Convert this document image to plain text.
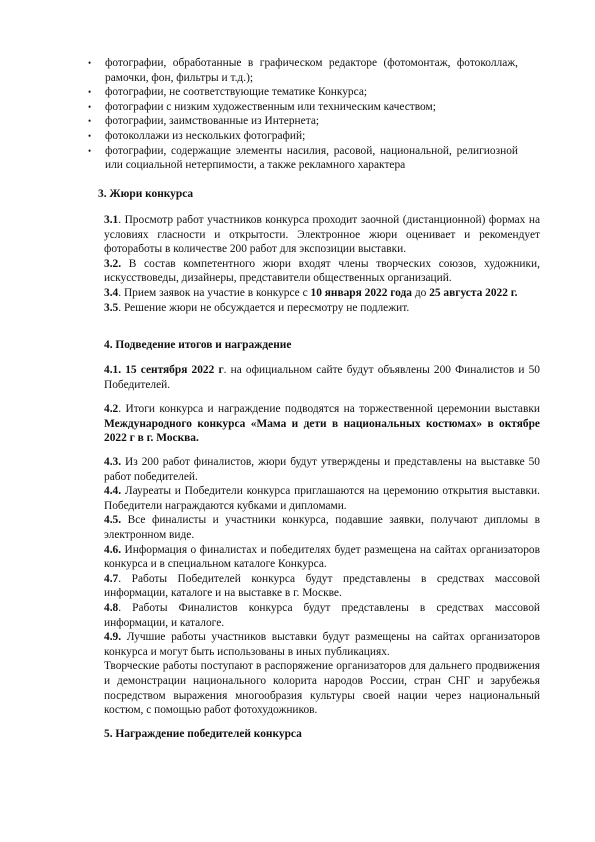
• фотографии, обработанные в графическом редакторе (фотомонтаж, фотоколлаж, рамочки, фон, фильтры и т.д.);
• фотографии, не соответствующие тематике Конкурса;
• фотографии с низким художественным или техническим качеством;
• фотографии, заимствованные из Интернета;
• фотоколлажи из нескольких фотографий;
• фотографии, содержащие элементы насилия, расовой, национальной, религиозной или социальной нетерпимости, а также рекламного характера
3. Жюри конкурса

3.1. Просмотр работ участников конкурса проходит заочной (дистанционной) формах на условиях гласности и открытости. Электронное жюри оценивает и рекомендует фотоработы в количестве 200 работ для экспозиции выставки.

3.2. В состав компетентного жюри входят члены творческих союзов, художники, искусствоведы, дизайнеры, представители общественных организаций.

3.4. Прием заявок на участие в конкурсе с 10 января 2022 года до 25 августа 2022 г.

3.5. Решение жюри не обсуждается и пересмотру не подлежит.

4. Подведение итогов и награждение
4.1. 15 сентября 2022 г. на официальном сайте будут объявлены 200 Финалистов и 50 Победителей.
4.2. Итоги конкурса и награждение подводятся на торжественной церемонии выставки Международного конкурса «Мама и дети в национальных костюмах» в октябре 2022 г в г. Москва.

4.3. Из 200 работ финалистов, жюри будут утверждены и представлены на выставке 50 работ победителей.

4.4. Лауреаты и Победители конкурса приглашаются на церемонию открытия выставки. Победители награждаются кубками и дипломами.

4.5. Все финалисты и участники конкурса, подавшие заявки, получают дипломы в электронном виде.

4.6. Информация о финалистах и победителях будет размещена на сайтах организаторов конкурса и в специальном каталоге Конкурса.

4.7. Работы Победителей конкурса будут представлены в средствах массовой информации, каталоге и на выставке в г. Москве.

4.8. Работы Финалистов конкурса будут представлены в средствах массовой информации, и каталоге.

4.9. Лучшие работы участников выставки будут размещены на сайтах организаторов конкурса и могут быть использованы в иных публикациях.

Творческие работы поступают в распоряжение организаторов для дальнего продвижения и демонстрации национального колорита народов России, стран СНГ и зарубежья посредством выражения многообразия культуры своей нации через национальный костюм, с помощью работ фотохудожников.

5. Награждение победителей конкурса
